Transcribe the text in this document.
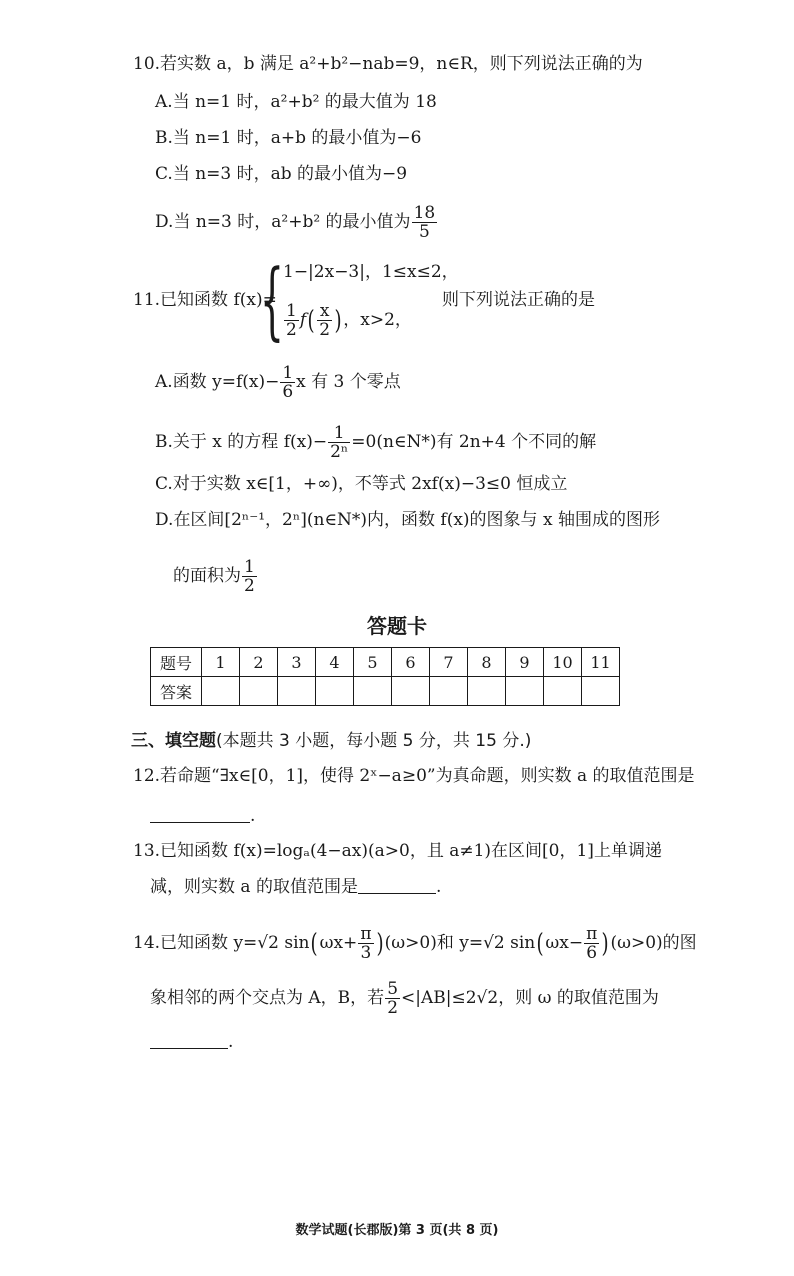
10.若实数 a，b 满足 a²+b²−nab=9，n∈R，则下列说法正确的为
A.当 n=1 时，a²+b² 的最大值为 18
B.当 n=1 时，a+b 的最小值为−6
C.当 n=3 时，ab 的最小值为−9
D.当 n=3 时，a²+b² 的最小值为 $\frac{18}{5}$
11.已知函数 f(x)=
{
1−|2x−3|，1≤x≤2，
$\frac{1}{2} f( \frac{x}{2}$ )，x>2，
则下列说法正确的是
A.函数 $y=f(x)- \frac{1}{6}$ x 有 3 个零点
B.关于 x 的方程 $f(x)- \frac{1}{\text{2ⁿ}}$ =0(n∈N*)有 2n+4 个不同的解
C.对于实数 x∈[1，+∞)，不等式 2xf(x)−3≤0 恒成立
D.在区间[2ⁿ⁻¹，2ⁿ](n∈N*)内，函数 f(x)的图象与 x 轴围成的图形
的面积为 $\frac{1}{2}$
答题卡
题号	1	2	3	4	5	6	7	8	9	10	11
答案											
三、填空题(本题共 3 小题，每小题 5 分，共 15 分.)
12.若命题“∃x∈[0，1]，使得 2ˣ−a≥0”为真命题，则实数 a 的取值范围是
.
13.已知函数 f(x)=logₐ(4−ax)(a>0，且 a≠1)在区间[0，1]上单调递
减，则实数 a 的取值范围是	.
14.已知函数 y=√2 $\sin(\omega x+ \frac{\pi}{3} )(\omega>0)$和 y=√2 $\sin(\omega x- \frac{\pi}{6} )(\omega>0)$的图
象相邻的两个交点为 A，B，若 $\frac{5}{2} <|AB|\le 2√2$，则 ω 的取值范围为
.
数学试题(长郡版)第 3 页(共 8 页)
